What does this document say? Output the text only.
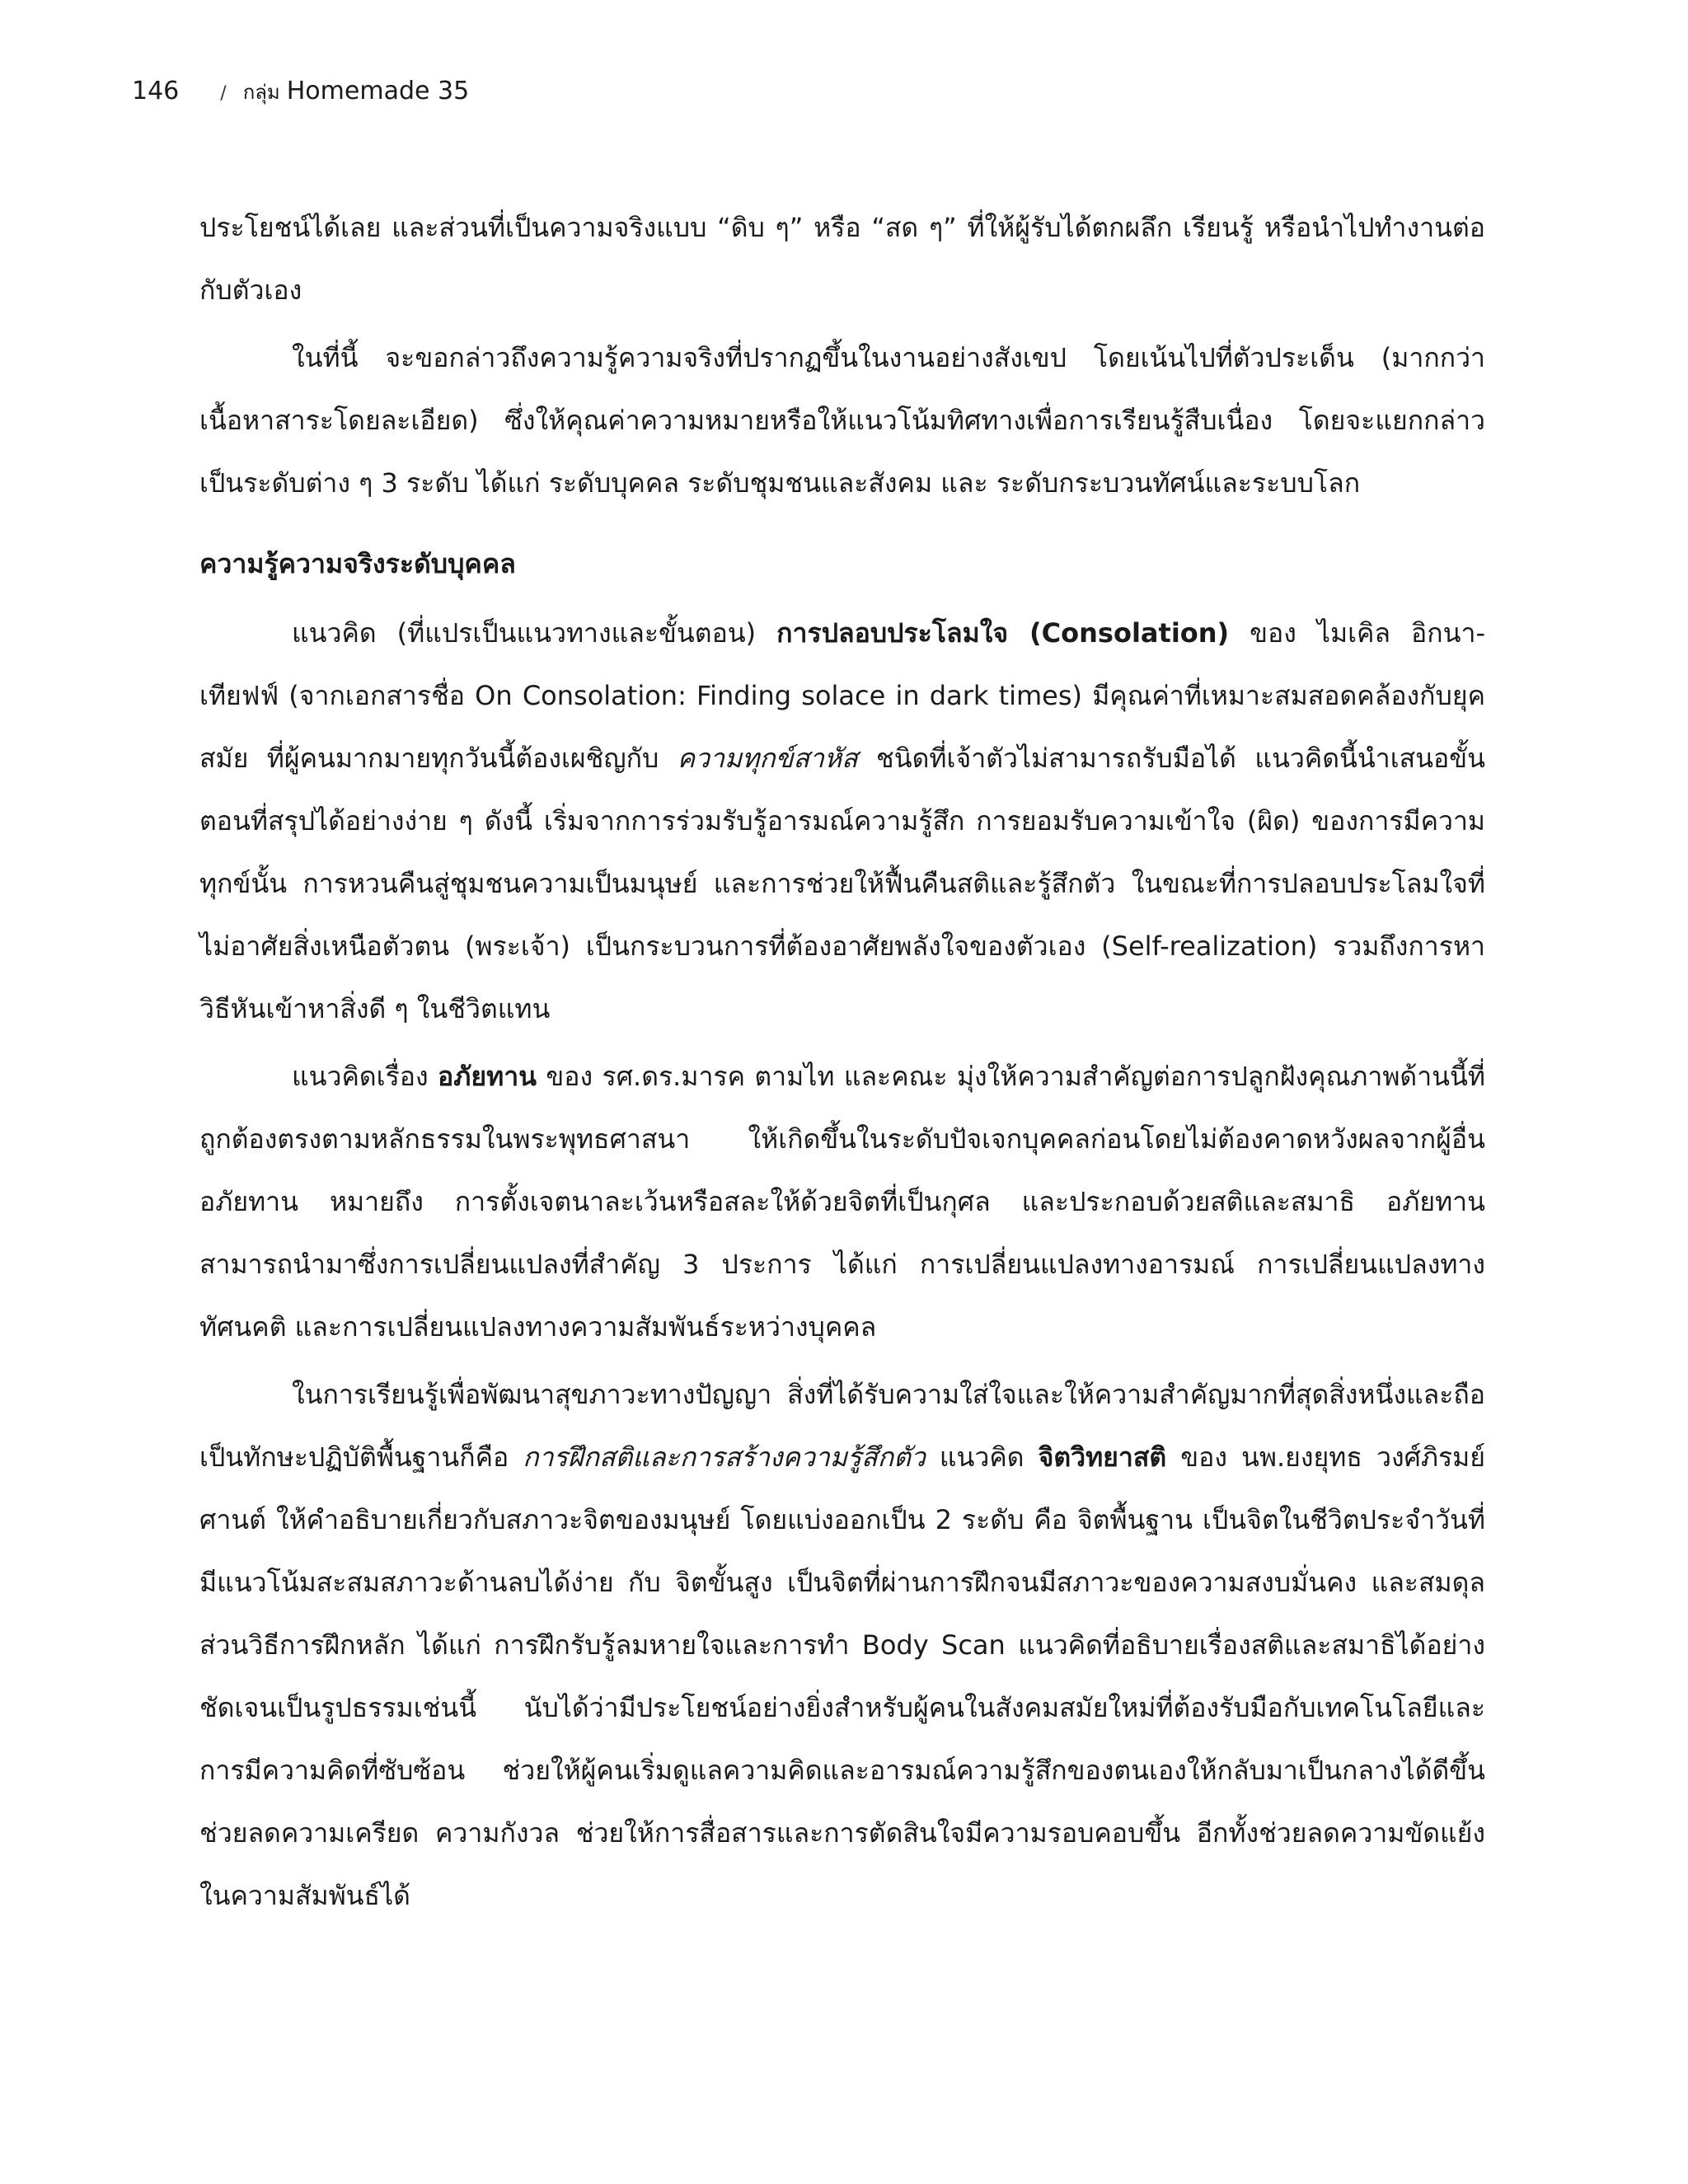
146 / กลุ่ม Homemade 35

ประโยชน์ได้เลย และส่วนที่เป็นความจริงแบบ “ดิบ ๆ” หรือ “สด ๆ” ที่ให้ผู้รับได้ตกผลึก เรียนรู้ หรือนำไปทำงานต่อกับตัวเอง

ในที่นี้ จะขอกล่าวถึงความรู้ความจริงที่ปรากฏขึ้นในงานอย่างสังเขป โดยเน้นไปที่ตัวประเด็น (มากกว่าเนื้อหาสาระโดยละเอียด) ซึ่งให้คุณค่าความหมายหรือให้แนวโน้มทิศทางเพื่อการเรียนรู้สืบเนื่อง โดยจะแยกกล่าวเป็นระดับต่าง ๆ 3 ระดับ ได้แก่ ระดับบุคคล ระดับชุมชนและสังคม และ ระดับกระบวนทัศน์และระบบโลก

ความรู้ความจริงระดับบุคคล

แนวคิด (ที่แปรเป็นแนวทางและขั้นตอน) การปลอบประโลมใจ (Consolation) ของ ไมเคิล อิกนา-เทียฟฟ์ (จากเอกสารชื่อ On Consolation: Finding solace in dark times) มีคุณค่าที่เหมาะสมสอดคล้องกับยุคสมัย ที่ผู้คนมากมายทุกวันนี้ต้องเผชิญกับ ความทุกข์สาหัส ชนิดที่เจ้าตัวไม่สามารถรับมือได้ แนวคิดนี้นำเสนอขั้นตอนที่สรุปได้อย่างง่าย ๆ ดังนี้ เริ่มจากการร่วมรับรู้อารมณ์ความรู้สึก การยอมรับความเข้าใจ (ผิด) ของการมีความทุกข์นั้น การหวนคืนสู่ชุมชนความเป็นมนุษย์ และการช่วยให้ฟื้นคืนสติและรู้สึกตัว ในขณะที่การปลอบประโลมใจที่ไม่อาศัยสิ่งเหนือตัวตน (พระเจ้า) เป็นกระบวนการที่ต้องอาศัยพลังใจของตัวเอง (Self-realization) รวมถึงการหาวิธีหันเข้าหาสิ่งดี ๆ ในชีวิตแทน

แนวคิดเรื่อง อภัยทาน ของ รศ.ดร.มารค ตามไท และคณะ มุ่งให้ความสำคัญต่อการปลูกฝังคุณภาพด้านนี้ที่ถูกต้องตรงตามหลักธรรมในพระพุทธศาสนา ให้เกิดขึ้นในระดับปัจเจกบุคคลก่อนโดยไม่ต้องคาดหวังผลจากผู้อื่น อภัยทาน หมายถึง การตั้งเจตนาละเว้นหรือสละให้ด้วยจิตที่เป็นกุศล และประกอบด้วยสติและสมาธิ อภัยทานสามารถนำมาซึ่งการเปลี่ยนแปลงที่สำคัญ 3 ประการ ได้แก่ การเปลี่ยนแปลงทางอารมณ์ การเปลี่ยนแปลงทางทัศนคติ และการเปลี่ยนแปลงทางความสัมพันธ์ระหว่างบุคคล

ในการเรียนรู้เพื่อพัฒนาสุขภาวะทางปัญญา สิ่งที่ได้รับความใส่ใจและให้ความสำคัญมากที่สุดสิ่งหนึ่งและถือเป็นทักษะปฏิบัติพื้นฐานก็คือ การฝึกสติและการสร้างความรู้สึกตัว แนวคิด จิตวิทยาสติ ของ นพ.ยงยุทธ วงศ์ภิรมย์ศานต์ ให้คำอธิบายเกี่ยวกับสภาวะจิตของมนุษย์ โดยแบ่งออกเป็น 2 ระดับ คือ จิตพื้นฐาน เป็นจิตในชีวิตประจำวันที่มีแนวโน้มสะสมสภาวะด้านลบได้ง่าย กับ จิตขั้นสูง เป็นจิตที่ผ่านการฝึกจนมีสภาวะของความสงบมั่นคง และสมดุล ส่วนวิธีการฝึกหลัก ได้แก่ การฝึกรับรู้ลมหายใจและการทำ Body Scan แนวคิดที่อธิบายเรื่องสติและสมาธิได้อย่างชัดเจนเป็นรูปธรรมเช่นนี้ นับได้ว่ามีประโยชน์อย่างยิ่งสำหรับผู้คนในสังคมสมัยใหม่ที่ต้องรับมือกับเทคโนโลยีและการมีความคิดที่ซับซ้อน ช่วยให้ผู้คนเริ่มดูแลความคิดและอารมณ์ความรู้สึกของตนเองให้กลับมาเป็นกลางได้ดีขึ้น ช่วยลดความเครียด ความกังวล ช่วยให้การสื่อสารและการตัดสินใจมีความรอบคอบขึ้น อีกทั้งช่วยลดความขัดแย้งในความสัมพันธ์ได้
